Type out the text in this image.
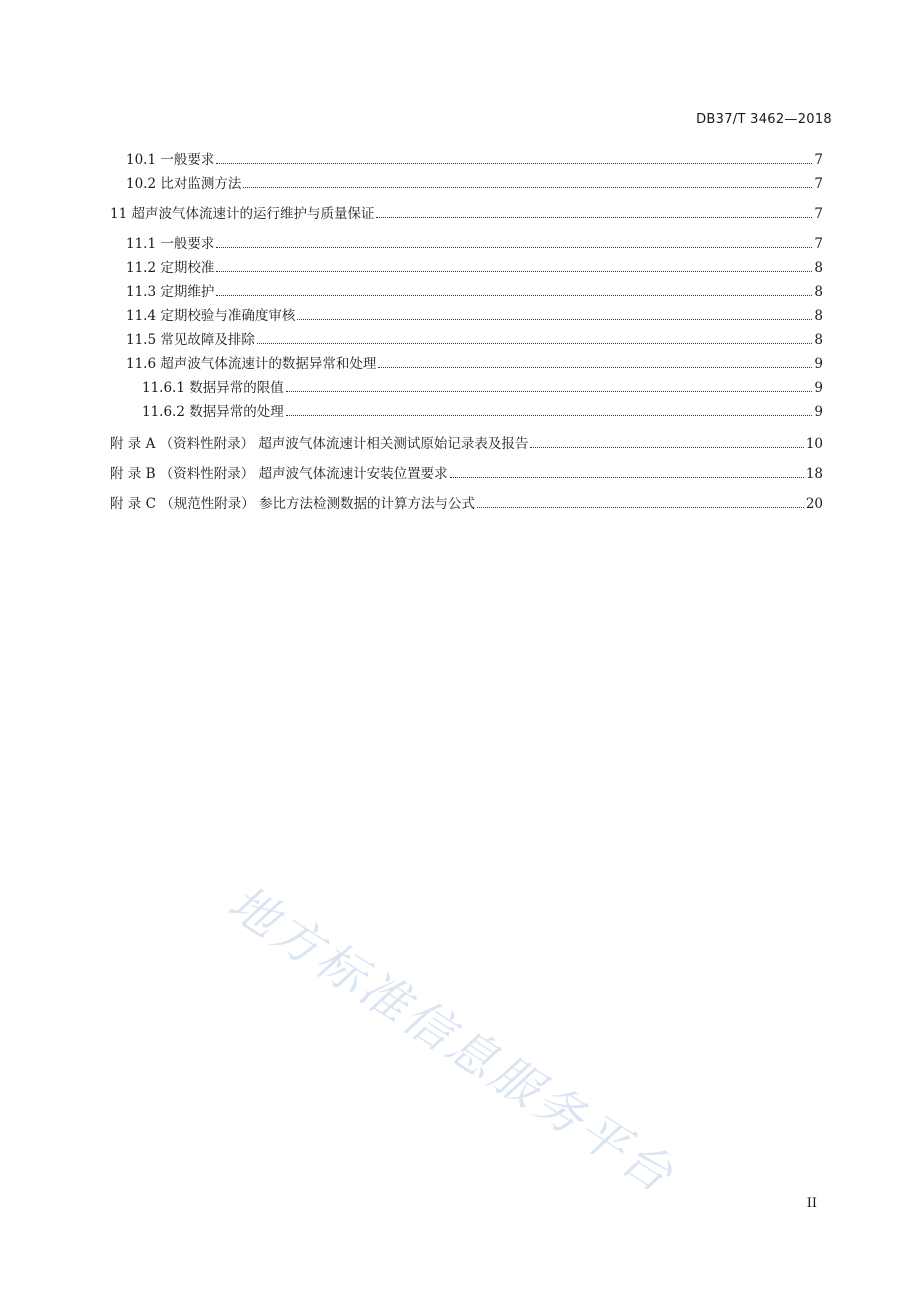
DB37/T 3462—2018
10.1 一般要求	7
10.2 比对监测方法	7
11 超声波气体流速计的运行维护与质量保证	7
11.1 一般要求	7
11.2 定期校准	8
11.3 定期维护	8
11.4 定期校验与准确度审核	8
11.5 常见故障及排除	8
11.6 超声波气体流速计的数据异常和处理	9
11.6.1 数据异常的限值	9
11.6.2 数据异常的处理	9
附 录 A （资料性附录） 超声波气体流速计相关测试原始记录表及报告	10
附 录 B （资料性附录） 超声波气体流速计安装位置要求	18
附 录 C （规范性附录） 参比方法检测数据的计算方法与公式	20
地方标准信息服务平台	II
